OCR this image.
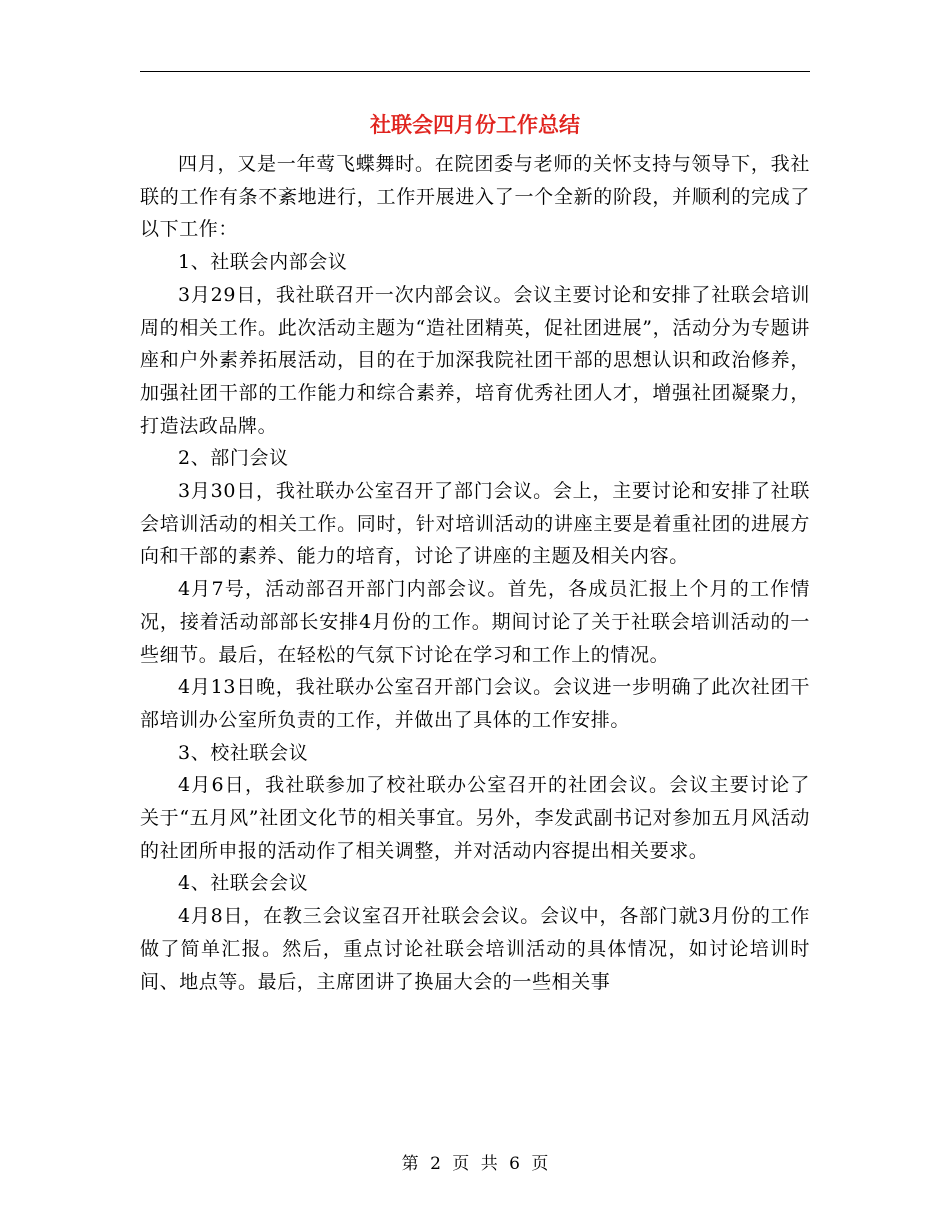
社联会四月份工作总结

四月，又是一年莺飞蝶舞时。在院团委与老师的关怀支持与领导下，我社联的工作有条不紊地进行，工作开展进入了一个全新的阶段，并顺利的完成了以下工作：

1、社联会内部会议

3月29日，我社联召开一次内部会议。会议主要讨论和安排了社联会培训周的相关工作。此次活动主题为“造社团精英，促社团进展”，活动分为专题讲座和户外素养拓展活动，目的在于加深我院社团干部的思想认识和政治修养，加强社团干部的工作能力和综合素养，培育优秀社团人才，增强社团凝聚力，打造法政品牌。

2、部门会议

3月30日，我社联办公室召开了部门会议。会上，主要讨论和安排了社联会培训活动的相关工作。同时，针对培训活动的讲座主要是着重社团的进展方向和干部的素养、能力的培育，讨论了讲座的主题及相关内容。

4月7号，活动部召开部门内部会议。首先，各成员汇报上个月的工作情况，接着活动部部长安排4月份的工作。期间讨论了关于社联会培训活动的一些细节。最后，在轻松的气氛下讨论在学习和工作上的情况。

4月13日晚，我社联办公室召开部门会议。会议进一步明确了此次社团干部培训办公室所负责的工作，并做出了具体的工作安排。

3、校社联会议

4月6日，我社联参加了校社联办公室召开的社团会议。会议主要讨论了关于“五月风”社团文化节的相关事宜。另外，李发武副书记对参加五月风活动的社团所申报的活动作了相关调整，并对活动内容提出相关要求。

4、社联会会议

4月8日，在教三会议室召开社联会会议。会议中，各部门就3月份的工作做了简单汇报。然后，重点讨论社联会培训活动的具体情况，如讨论培训时间、地点等。最后，主席团讲了换届大会的一些相关事

第 2 页 共 6 页
